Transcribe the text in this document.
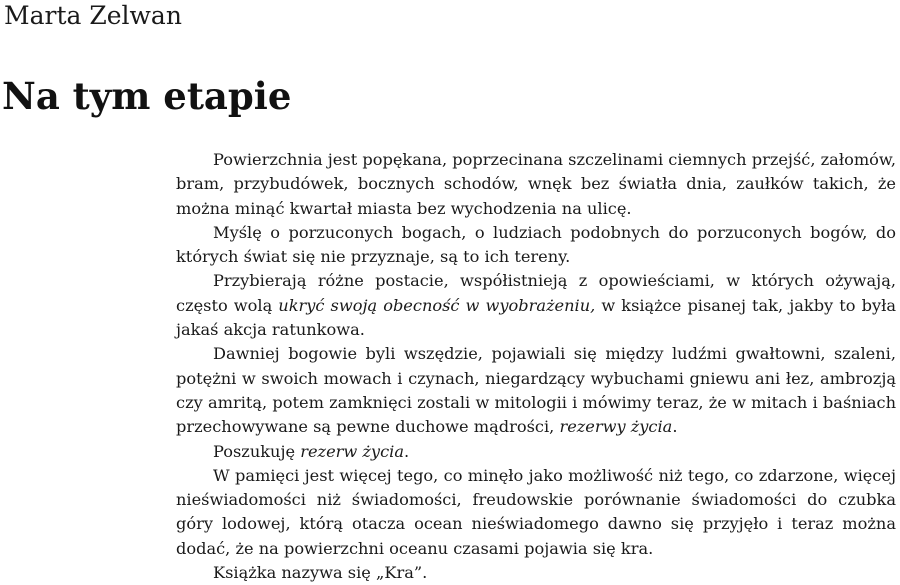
Marta Zelwan
Na tym etapie

Powierzchnia jest popękana, poprzecinana szczelinami ciemnych przejść, załomów, bram, przybudówek, bocznych schodów, wnęk bez światła dnia, zaułków takich, że można minąć kwartał miasta bez wychodzenia na ulicę.

Myślę o porzuconych bogach, o ludziach podobnych do porzuconych bogów, do których świat się nie przyznaje, są to ich tereny.

Przybierają różne postacie, współistnieją z opowieściami, w których ożywają, często wolą ukryć swoją obecność w wyobrażeniu, w książce pisanej tak, jakby to była jakaś akcja ratunkowa.

Dawniej bogowie byli wszędzie, pojawiali się między ludźmi gwałtowni, szaleni, potężni w swoich mowach i czynach, niegardzący wybuchami gniewu ani łez, ambrozją czy amritą, potem zamknięci zostali w mitologii i mówimy teraz, że w mitach i baśniach przechowywane są pewne duchowe mądrości, rezerwy życia.

Poszukuję rezerw życia.

W pamięci jest więcej tego, co minęło jako możliwość niż tego, co zdarzone, więcej nieświadomości niż świadomości, freudowskie porównanie świadomości do czubka góry lodowej, którą otacza ocean nieświadomego dawno się przyjęło i teraz można dodać, że na powierzchni oceanu czasami pojawia się kra.

Książka nazywa się „Kra”.
